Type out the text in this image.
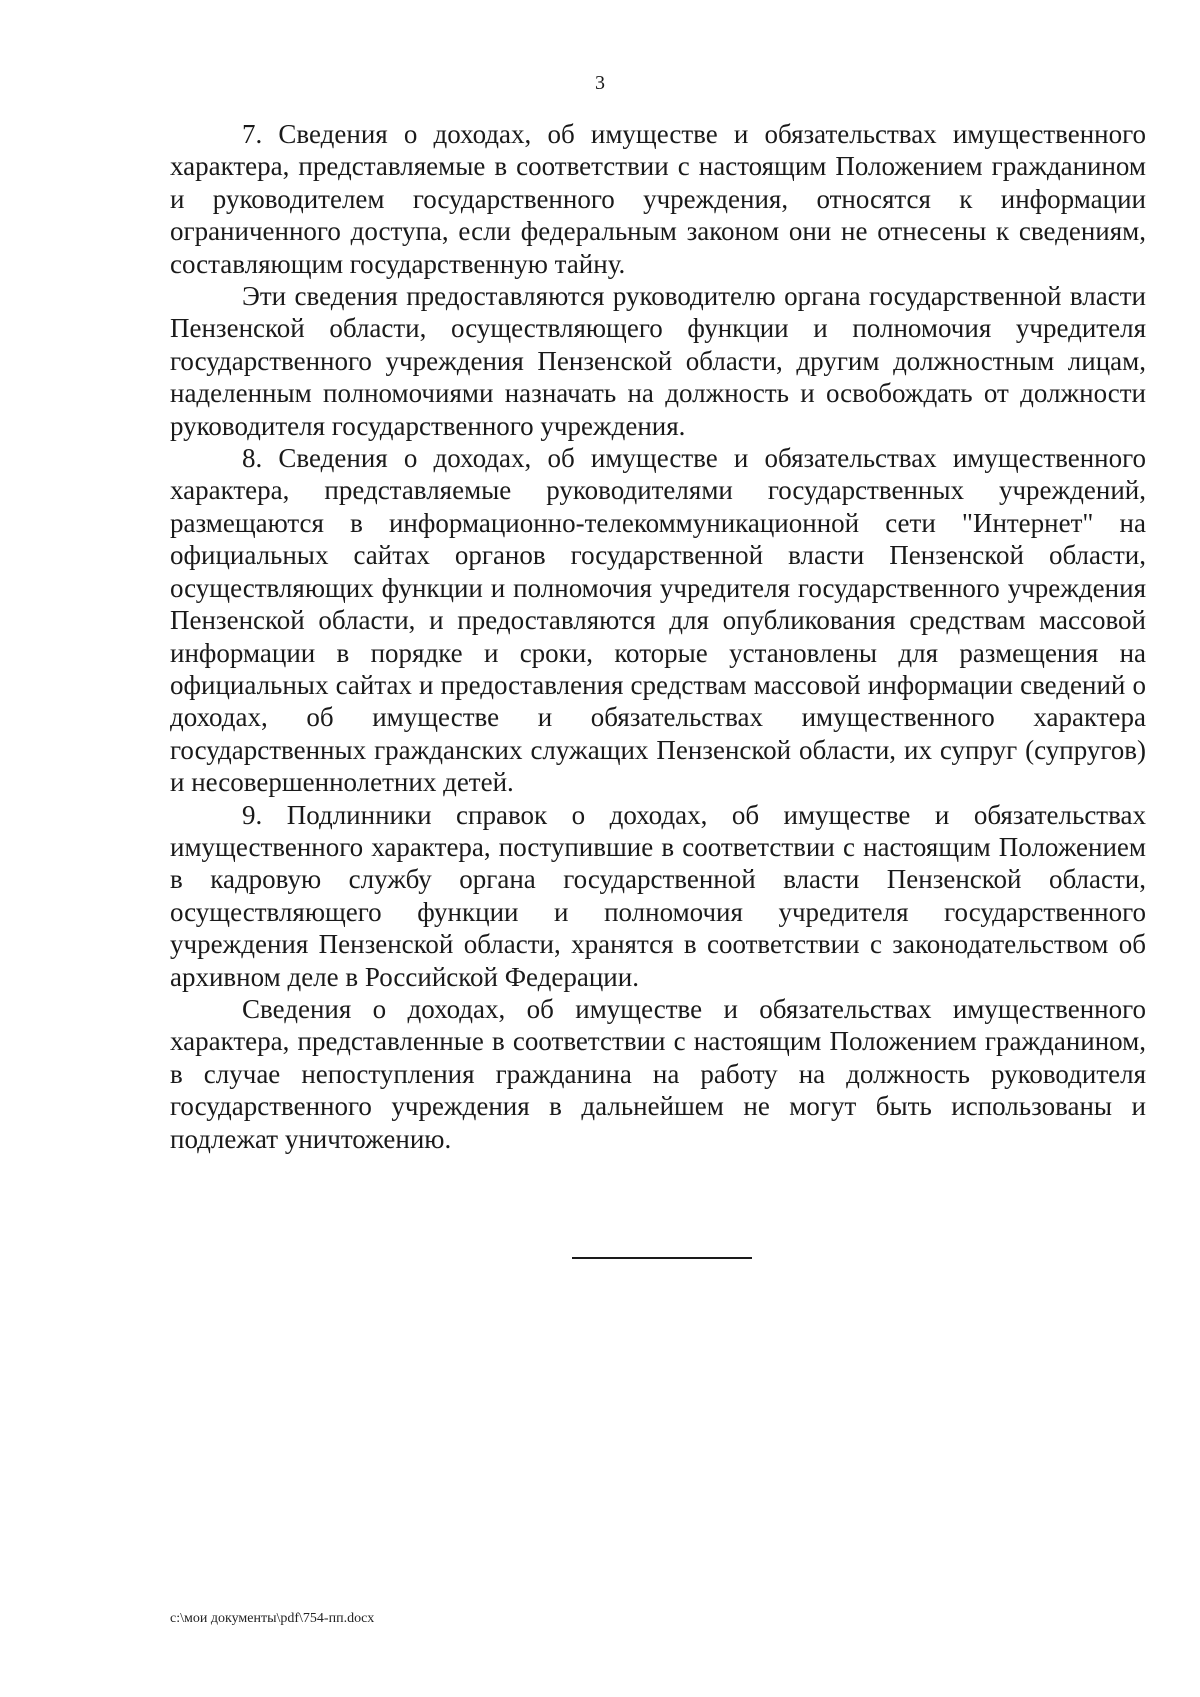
3

7. Сведения о доходах, об имуществе и обязательствах имущественного характера, представляемые в соответствии с настоящим Положением гражданином и руководителем государственного учреждения, относятся к информации ограниченного доступа, если федеральным законом они не отнесены к сведениям, составляющим государственную тайну.

Эти сведения предоставляются руководителю органа государственной власти Пензенской области, осуществляющего функции и полномочия учредителя государственного учреждения Пензенской области, другим должностным лицам, наделенным полномочиями назначать на должность и освобождать от должности руководителя государственного учреждения.

8. Сведения о доходах, об имуществе и обязательствах имущественного характера, представляемые руководителями государственных учреждений, размещаются в информационно-телекоммуникационной сети "Интернет" на официальных сайтах органов государственной власти Пензенской области, осуществляющих функции и полномочия учредителя государственного учреждения Пензенской области, и предоставляются для опубликования средствам массовой информации в порядке и сроки, которые установлены для размещения на официальных сайтах и предоставления средствам массовой информации сведений о доходах, об имуществе и обязательствах имущественного характера государственных гражданских служащих Пензенской области, их супруг (супругов) и несовершеннолетних детей.

9. Подлинники справок о доходах, об имуществе и обязательствах имущественного характера, поступившие в соответствии с настоящим Положением в кадровую службу органа государственной власти Пензенской области, осуществляющего функции и полномочия учредителя государственного учреждения Пензенской области, хранятся в соответствии с законодательством об архивном деле в Российской Федерации.

Сведения о доходах, об имуществе и обязательствах имущественного характера, представленные в соответствии с настоящим Положением гражданином, в случае непоступления гражданина на работу на должность руководителя государственного учреждения в дальнейшем не могут быть использованы и подлежат уничтожению.

c:\мои документы\pdf\754-пп.docx
